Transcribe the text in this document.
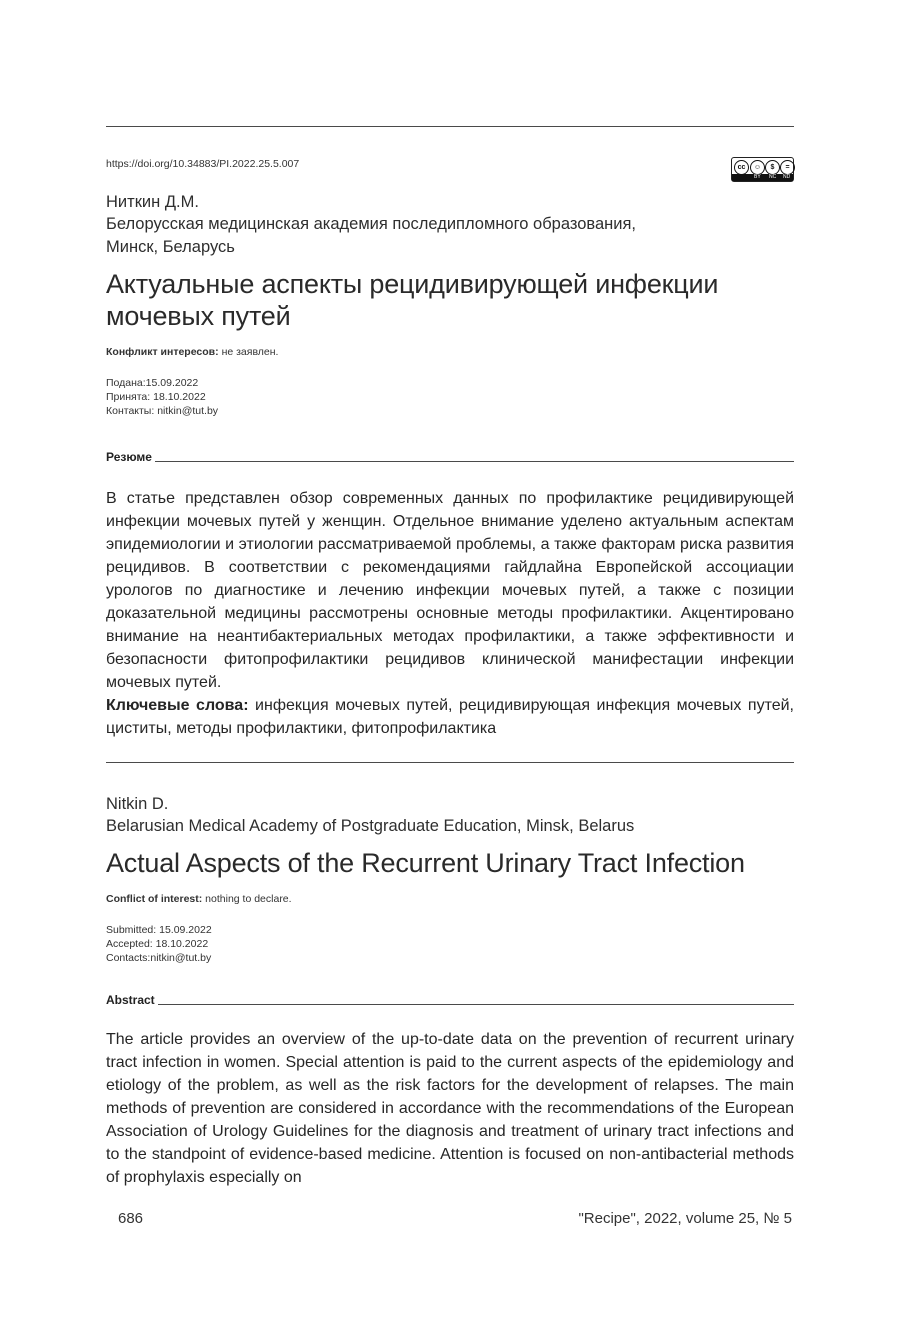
https://doi.org/10.34883/PI.2022.25.5.007	cc	☺	$	=
BY NC ND
Ниткин Д.М.
Белорусская медицинская академия последипломного образования,
Минск, Беларусь
Актуальные аспекты рецидивирующей инфекции
мочевых путей
Конфликт интересов: не заявлен.
Подана:15.09.2022
Принята: 18.10.2022
Контакты: nitkin@tut.by
Резюме
В статье представлен обзор современных данных по профилактике рецидивирующей инфекции мочевых путей у женщин. Отдельное внимание уделено актуальным аспектам эпидемиологии и этиологии рассматриваемой проблемы, а также факторам риска развития рецидивов. В соответствии с рекомендациями гайдлайна Европейской ассоциации урологов по диагностике и лечению инфекции мочевых путей, а также с позиции доказательной медицины рассмотрены основные методы профилактики. Акцентировано внимание на неантибактериальных методах профилактики, а также эффективности и безопасности фитопрофилактики рецидивов клинической манифестации инфекции мочевых путей.
Ключевые слова: инфекция мочевых путей, рецидивирующая инфекция мочевых путей, циститы, методы профилактики, фитопрофилактика
Nitkin D.
Belarusian Medical Academy of Postgraduate Education, Minsk, Belarus
Actual Aspects of the Recurrent Urinary Tract Infection
Conflict of interest: nothing to declare.
Submitted: 15.09.2022
Accepted: 18.10.2022
Contacts:nitkin@tut.by
Abstract
The article provides an overview of the up-to-date data on the prevention of recurrent urinary tract infection in women. Special attention is paid to the current aspects of the epidemiology and etiology of the problem, as well as the risk factors for the development of relapses. The main methods of prevention are considered in accordance with the recommendations of the European Association of Urology Guidelines for the diagnosis and treatment of urinary tract infections and to the standpoint of evidence-based medicine. Attention is focused on non-antibacterial methods of prophylaxis especially on
686	"Recipe", 2022, volume 25, № 5
